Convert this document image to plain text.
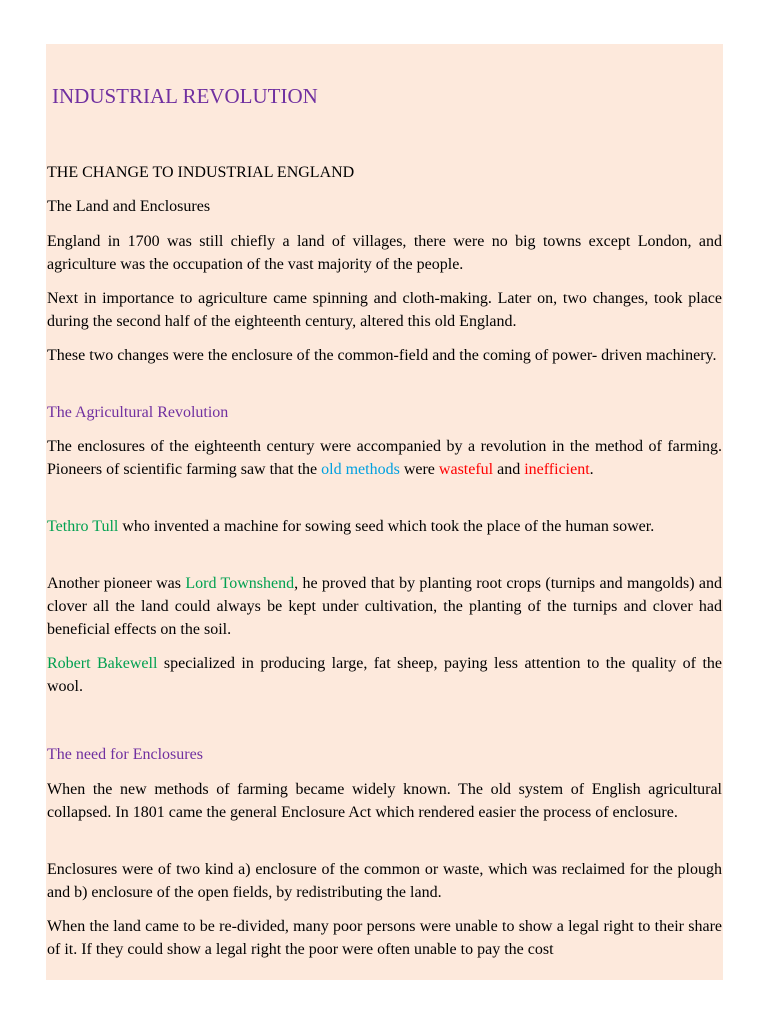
INDUSTRIAL REVOLUTION

THE CHANGE TO INDUSTRIAL ENGLAND

The Land and Enclosures

England in 1700 was still chiefly a land of villages, there were no big towns except London, and agriculture was the occupation of the vast majority of the people.

Next in importance to agriculture came spinning and cloth-making. Later on, two changes, took place during the second half of the eighteenth century, altered this old England.

These two changes were the enclosure of the common-field and the coming of power- driven machinery.

The Agricultural Revolution

The enclosures of the eighteenth century were accompanied by a revolution in the method of farming. Pioneers of scientific farming saw that the old methods were wasteful and inefficient.

Tethro Tull who invented a machine for sowing seed which took the place of the human sower.

Another pioneer was Lord Townshend, he proved that by planting root crops (turnips and mangolds) and clover all the land could always be kept under cultivation, the planting of the turnips and clover had beneficial effects on the soil.

Robert Bakewell specialized in producing large, fat sheep, paying less attention to the quality of the wool.

The need for Enclosures

When the new methods of farming became widely known. The old system of English agricultural collapsed. In 1801 came the general Enclosure Act which rendered easier the process of enclosure.

Enclosures were of two kind a) enclosure of the common or waste, which was reclaimed for the plough and b) enclosure of the open fields, by redistributing the land.

When the land came to be re-divided, many poor persons were unable to show a legal right to their share of it. If they could show a legal right the poor were often unable to pay the cost
